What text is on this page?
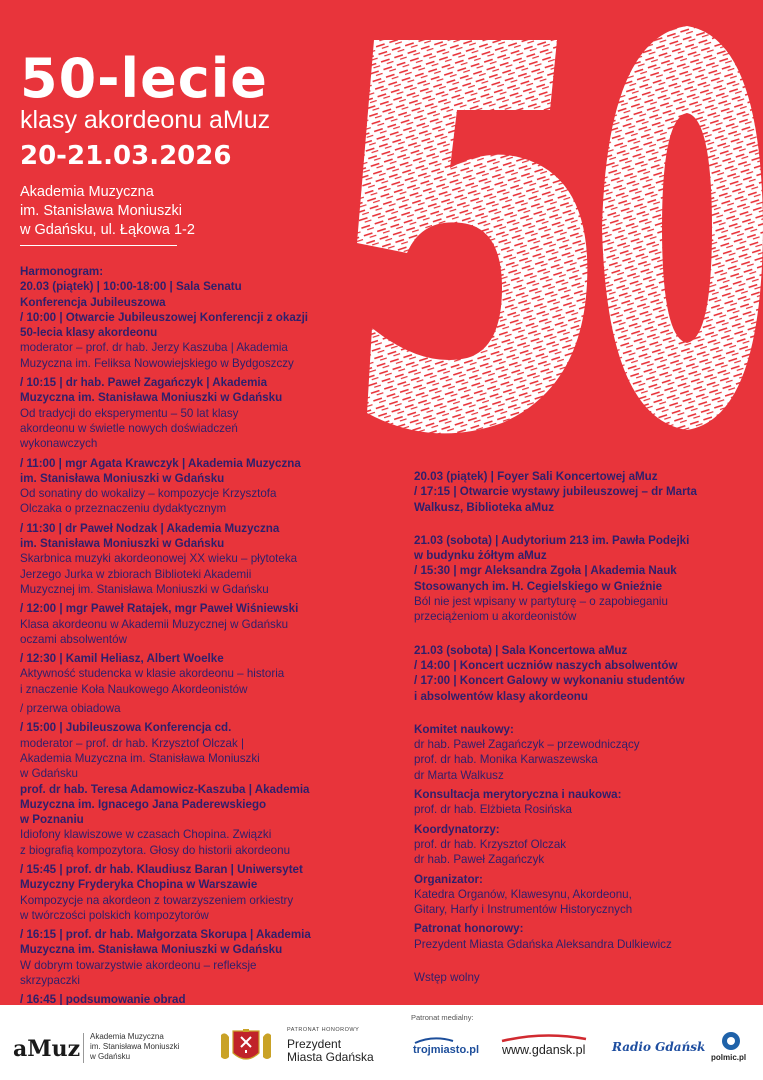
50-lecie
klasy akordeonu aMuz
20-21.03.2026
Akademia Muzyczna
im. Stanisława Moniuszki
w Gdańsku, ul. Łąkowa 1-2
Harmonogram:
20.03 (piątek) | 10:00-18:00 | Sala Senatu
Konferencja Jubileuszowa
/ 10:00 | Otwarcie Jubileuszowej Konferencji z okazji
50-lecia klasy akordeonu
moderator – prof. dr hab. Jerzy Kaszuba | Akademia
Muzyczna im. Feliksa Nowowiejskiego w Bydgoszczy
/ 10:15 | dr hab. Paweł Zagańczyk | Akademia
Muzyczna im. Stanisława Moniuszki w Gdańsku
Od tradycji do eksperymentu – 50 lat klasy
akordeonu w świetle nowych doświadczeń
wykonawczych
/ 11:00 | mgr Agata Krawczyk | Akademia Muzyczna
im. Stanisława Moniuszki w Gdańsku
Od sonatiny do wokalizy – kompozycje Krzysztofa
Olczaka o przeznaczeniu dydaktycznym
/ 11:30 | dr Paweł Nodzak | Akademia Muzyczna
im. Stanisława Moniuszki w Gdańsku
Skarbnica muzyki akordeonowej XX wieku – płytoteka
Jerzego Jurka w zbiorach Biblioteki Akademii
Muzycznej im. Stanisława Moniuszki w Gdańsku
/ 12:00 | mgr Paweł Ratajek, mgr Paweł Wiśniewski
Klasa akordeonu w Akademii Muzycznej w Gdańsku
oczami absolwentów
/ 12:30 | Kamil Heliasz, Albert Woelke
Aktywność studencka w klasie akordeonu – historia
i znaczenie Koła Naukowego Akordeonistów
/ przerwa obiadowa
/ 15:00 | Jubileuszowa Konferencja cd.
moderator – prof. dr hab. Krzysztof Olczak |
Akademia Muzyczna im. Stanisława Moniuszki
w Gdańsku
prof. dr hab. Teresa Adamowicz-Kaszuba | Akademia
Muzyczna im. Ignacego Jana Paderewskiego
w Poznaniu
Idiofony klawiszowe w czasach Chopina. Związki
z biografią kompozytora. Głosy do historii akordeonu
/ 15:45 | prof. dr hab. Klaudiusz Baran | Uniwersytet
Muzyczny Fryderyka Chopina w Warszawie
Kompozycje na akordeon z towarzyszeniem orkiestry
w twórczości polskich kompozytorów
/ 16:15 | prof. dr hab. Małgorzata Skorupa | Akademia
Muzyczna im. Stanisława Moniuszki w Gdańsku
W dobrym towarzystwie akordeonu – refleksje
skrzypaczki
/ 16:45 | podsumowanie obrad
20.03 (piątek) | Foyer Sali Koncertowej aMuz
/ 17:15 | Otwarcie wystawy jubileuszowej – dr Marta
Walkusz, Biblioteka aMuz
21.03 (sobota) | Audytorium 213 im. Pawła Podejki
w budynku żółtym aMuz
/ 15:30 | mgr Aleksandra Zgoła | Akademia Nauk
Stosowanych im. H. Cegielskiego w Gnieźnie
Ból nie jest wpisany w partyturę – o zapobieganiu
przeciążeniom u akordeonistów
21.03 (sobota) | Sala Koncertowa aMuz
/ 14:00 | Koncert uczniów naszych absolwentów
/ 17:00 | Koncert Galowy w wykonaniu studentów
i absolwentów klasy akordeonu
Komitet naukowy:
dr hab. Paweł Zagańczyk – przewodniczący
prof. dr hab. Monika Karwaszewska
dr Marta Walkusz
Konsultacja merytoryczna i naukowa:
prof. dr hab. Elżbieta Rosińska
Koordynatorzy:
prof. dr hab. Krzysztof Olczak
dr hab. Paweł Zagańczyk
Organizator:
Katedra Organów, Klawesynu, Akordeonu,
Gitary, Harfy i Instrumentów Historycznych
Patronat honorowy:
Prezydent Miasta Gdańska Aleksandra Dulkiewicz
Wstęp wolny
Patronat medialny:
aMuz Akademia Muzyczna
im. Stanisława Moniuszki
w Gdańsku
PATRONAT HONOROWY
Prezydent
Miasta Gdańska	trojmiasto.pl www.gdansk.pl Radio Gdańsk
polmic.pl
